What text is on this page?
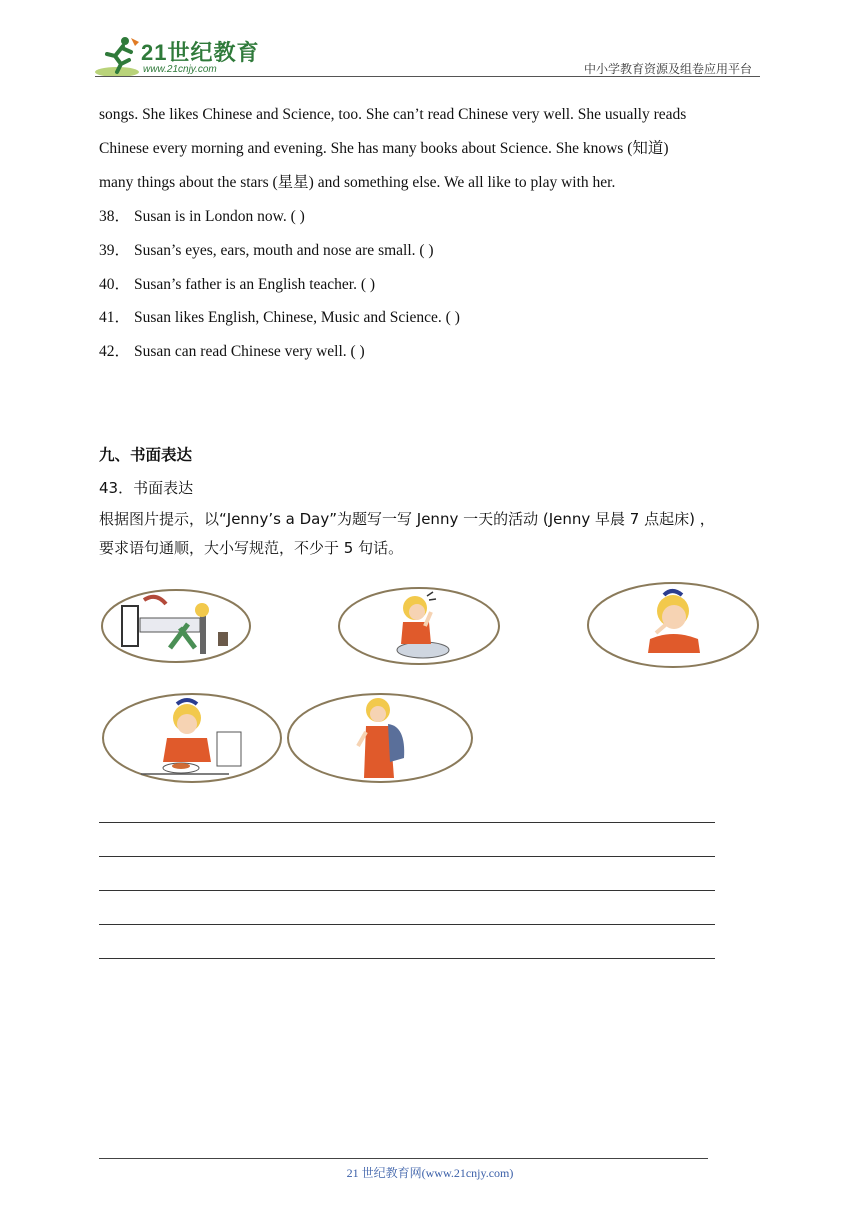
21世纪教育
www.21cnjy.com	中小学教育资源及组卷应用平台
songs. She likes Chinese and Science, too. She can’t read Chinese very well. She usually reads
Chinese every morning and evening. She has many books about Science. She knows (知道)
many things about the stars (星星) and something else. We all like to play with her.
38． Susan is in London now. ( )
39． Susan’s eyes, ears, mouth and nose are small. ( )
40． Susan’s father is an English teacher. ( )
41． Susan likes English, Chinese, Music and Science. ( )
42． Susan can read Chinese very well. ( )
九、书面表达
43．书面表达
根据图片提示，以“Jenny’s a Day”为题写一写 Jenny 一天的活动 (Jenny 早晨 7 点起床) ，
要求语句通顺，大小写规范，不少于 5 句话。
21 世纪教育网(www.21cnjy.com)
